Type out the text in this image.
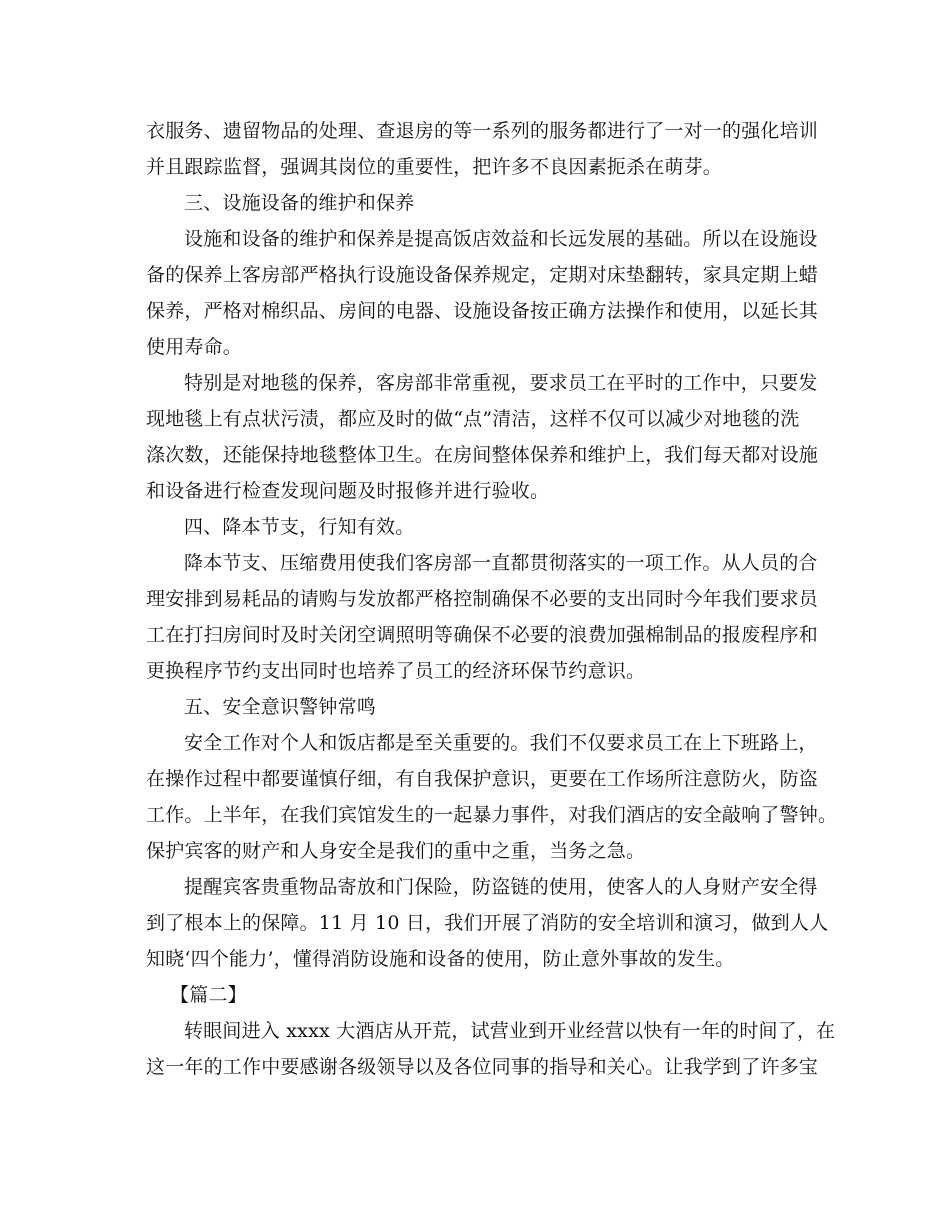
衣服务、遗留物品的处理、查退房的等一系列的服务都进行了一对一的强化培训
并且跟踪监督，强调其岗位的重要性，把许多不良因素扼杀在萌芽。
三、设施设备的维护和保养
设施和设备的维护和保养是提高饭店效益和长远发展的基础。所以在设施设
备的保养上客房部严格执行设施设备保养规定，定期对床垫翻转，家具定期上蜡
保养，严格对棉织品、房间的电器、设施设备按正确方法操作和使用，以延长其
使用寿命。
特别是对地毯的保养，客房部非常重视，要求员工在平时的工作中，只要发
现地毯上有点状污渍，都应及时的做“点”清洁，这样不仅可以减少对地毯的洗
涤次数，还能保持地毯整体卫生。在房间整体保养和维护上，我们每天都对设施
和设备进行检查发现问题及时报修并进行验收。
四、降本节支，行知有效。
降本节支、压缩费用使我们客房部一直都贯彻落实的一项工作。从人员的合
理安排到易耗品的请购与发放都严格控制确保不必要的支出同时今年我们要求员
工在打扫房间时及时关闭空调照明等确保不必要的浪费加强棉制品的报废程序和
更换程序节约支出同时也培养了员工的经济环保节约意识。
五、安全意识警钟常鸣
安全工作对个人和饭店都是至关重要的。我们不仅要求员工在上下班路上，
在操作过程中都要谨慎仔细，有自我保护意识，更要在工作场所注意防火，防盗
工作。上半年，在我们宾馆发生的一起暴力事件，对我们酒店的安全敲响了警钟。
保护宾客的财产和人身安全是我们的重中之重，当务之急。
提醒宾客贵重物品寄放和门保险，防盗链的使用，使客人的人身财产安全得
到了根本上的保障。11 月 10 日，我们开展了消防的安全培训和演习，做到人人
知晓‘四个能力’，懂得消防设施和设备的使用，防止意外事故的发生。
【篇二】
转眼间进入 xxxx 大酒店从开荒，试营业到开业经营以快有一年的时间了，在
这一年的工作中要感谢各级领导以及各位同事的指导和关心。让我学到了许多宝
